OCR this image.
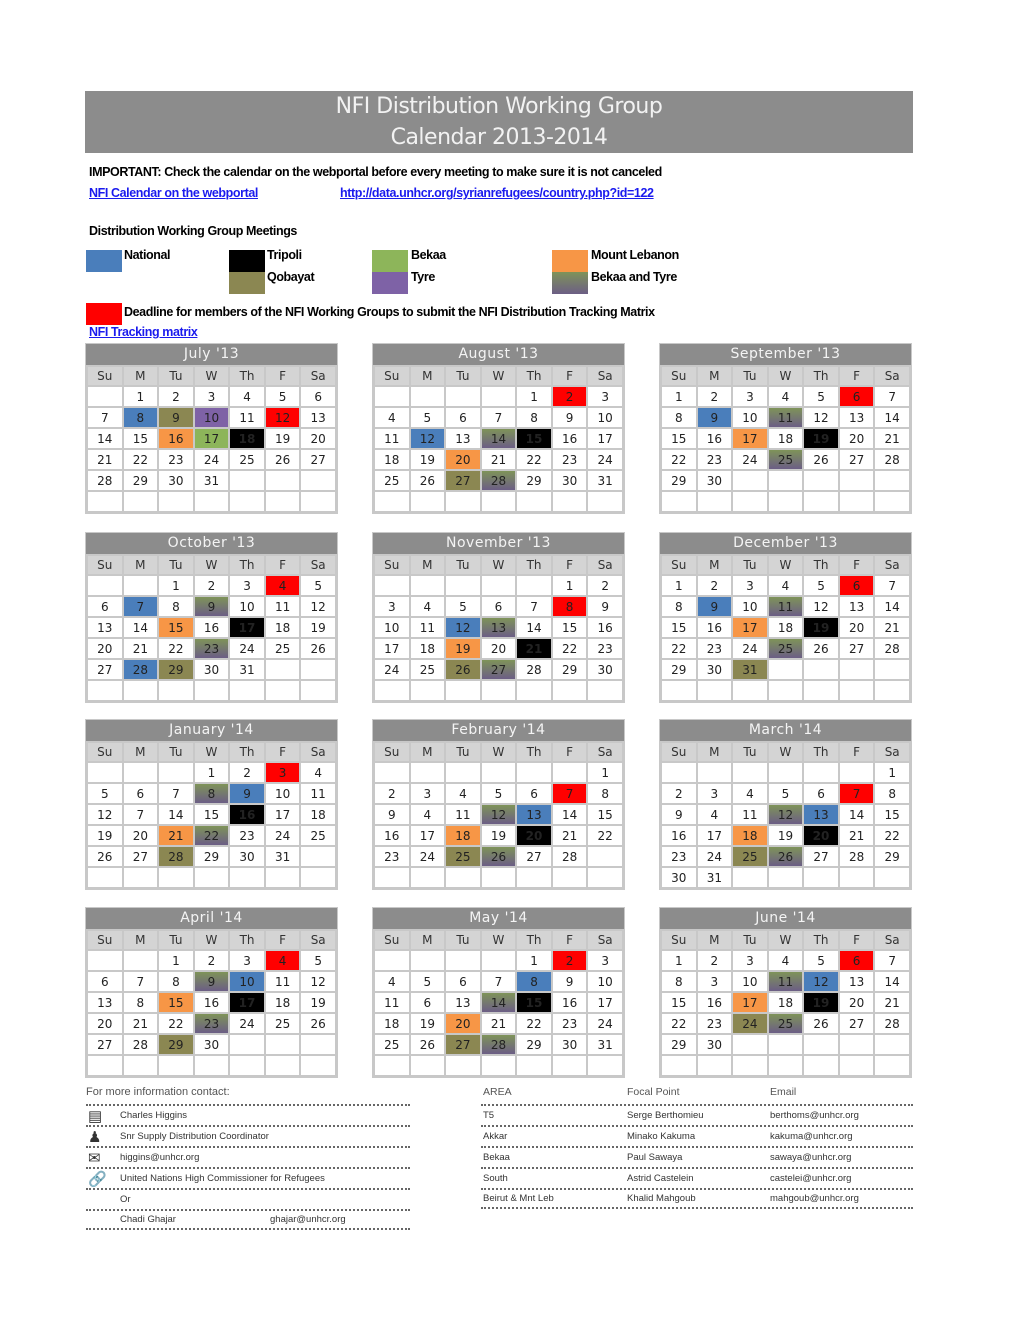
NFI Distribution Working Group
Calendar 2013-2014
IMPORTANT: Check the calendar on the webportal before every meeting to make sure it is not canceled
NFI Calendar on the webportal	http://data.unhcr.org/syrianrefugees/country.php?id=122
Distribution Working Group Meetings
National	Tripoli
Qobayat
Bekaa
Tyre
Mount Lebanon
Bekaa and Tyre
Deadline for members of the NFI Working Groups to submit the NFI Distribution Tracking Matrix
NFI Tracking matrix
July '13
Su	M	Tu	W	Th	F	Sa
	1	2	3	4	5	6
7	8	9	10	11	12	13
14	15	16	17	18	19	20
21	22	23	24	25	26	27
28	29	30	31			

August '13
Su	M	Tu	W	Th	F	Sa
				1	2	3
4	5	6	7	8	9	10
11	12	13	14	15	16	17
18	19	20	21	22	23	24
25	26	27	28	29	30	31

September '13
Su	M	Tu	W	Th	F	Sa
1	2	3	4	5	6	7
8	9	10	11	12	13	14
15	16	17	18	19	20	21
22	23	24	25	26	27	28
29	30					

October '13
Su	M	Tu	W	Th	F	Sa
		1	2	3	4	5
6	7	8	9	10	11	12
13	14	15	16	17	18	19
20	21	22	23	24	25	26
27	28	29	30	31		

November '13
Su	M	Tu	W	Th	F	Sa
					1	2
3	4	5	6	7	8	9
10	11	12	13	14	15	16
17	18	19	20	21	22	23
24	25	26	27	28	29	30

December '13
Su	M	Tu	W	Th	F	Sa
1	2	3	4	5	6	7
8	9	10	11	12	13	14
15	16	17	18	19	20	21
22	23	24	25	26	27	28
29	30	31				

January '14
Su	M	Tu	W	Th	F	Sa
			1	2	3	4
5	6	7	8	9	10	11
12	7	14	15	16	17	18
19	20	21	22	23	24	25
26	27	28	29	30	31	

February '14
Su	M	Tu	W	Th	F	Sa
						1
2	3	4	5	6	7	8
9	4	11	12	13	14	15
16	17	18	19	20	21	22
23	24	25	26	27	28	

March '14
Su	M	Tu	W	Th	F	Sa
						1
2	3	4	5	6	7	8
9	4	11	12	13	14	15
16	17	18	19	20	21	22
23	24	25	26	27	28	29
30	31					
April '14
Su	M	Tu	W	Th	F	Sa
		1	2	3	4	5
6	7	8	9	10	11	12
13	8	15	16	17	18	19
20	21	22	23	24	25	26
27	28	29	30			

May '14
Su	M	Tu	W	Th	F	Sa
				1	2	3
4	5	6	7	8	9	10
11	6	13	14	15	16	17
18	19	20	21	22	23	24
25	26	27	28	29	30	31

June '14
Su	M	Tu	W	Th	F	Sa
1	2	3	4	5	6	7
8	3	10	11	12	13	14
15	16	17	18	19	20	21
22	23	24	25	26	27	28
29	30					

For more information contact:
▤	Charles Higgins
♟	Snr Supply Distribution Coordinator
✉	higgins@unhcr.org
🔗	United Nations High Commissioner for Refugees
Or
Chadi Ghajar	ghajar@unhcr.org
AREA	Focal Point	Email
T5	Serge Berthomieu	berthoms@unhcr.org
Akkar	Minako Kakuma	kakuma@unhcr.org
Bekaa	Paul Sawaya	sawaya@unhcr.org
South	Astrid Castelein	castelei@unhcr.org
Beirut & Mnt Leb	Khalid Mahgoub	mahgoub@unhcr.org
